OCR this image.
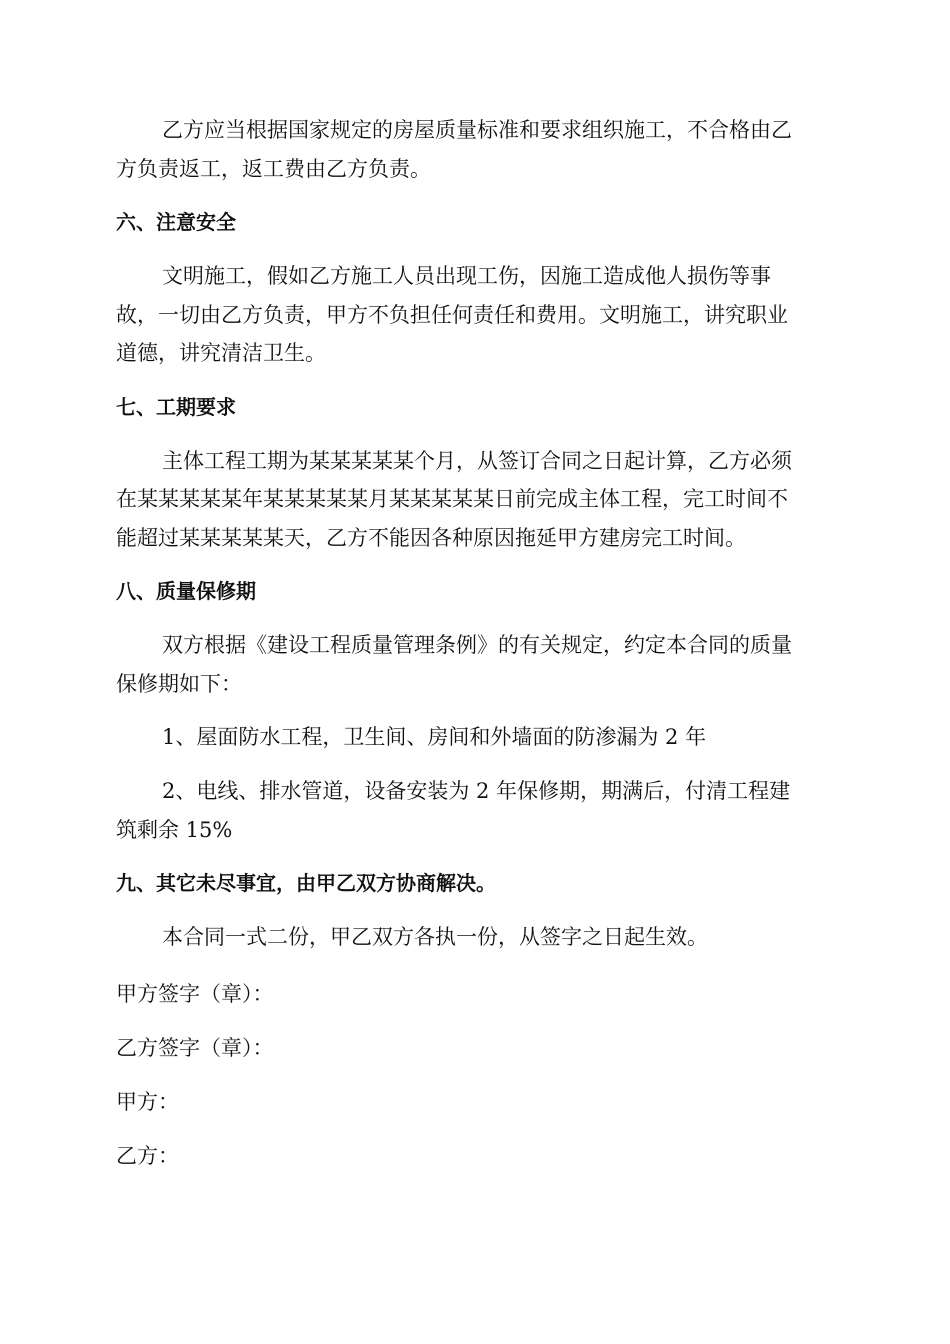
乙方应当根据国家规定的房屋质量标准和要求组织施工，不合格由乙

方负责返工，返工费由乙方负责。

六、注意安全

文明施工，假如乙方施工人员出现工伤，因施工造成他人损伤等事

故，一切由乙方负责，甲方不负担任何责任和费用。文明施工，讲究职业

道德，讲究清洁卫生。

七、工期要求

主体工程工期为某某某某某个月，从签订合同之日起计算，乙方必须

在某某某某某年某某某某某月某某某某某日前完成主体工程，完工时间不

能超过某某某某某天，乙方不能因各种原因拖延甲方建房完工时间。

八、质量保修期

双方根据《建设工程质量管理条例》的有关规定，约定本合同的质量

保修期如下：

1、屋面防水工程，卫生间、房间和外墙面的防渗漏为 2 年

2、电线、排水管道，设备安装为 2 年保修期，期满后，付清工程建

筑剩余 15%

九、其它未尽事宜，由甲乙双方协商解决。

本合同一式二份，甲乙双方各执一份，从签字之日起生效。

甲方签字（章）：

乙方签字（章）：

甲方：

乙方：
